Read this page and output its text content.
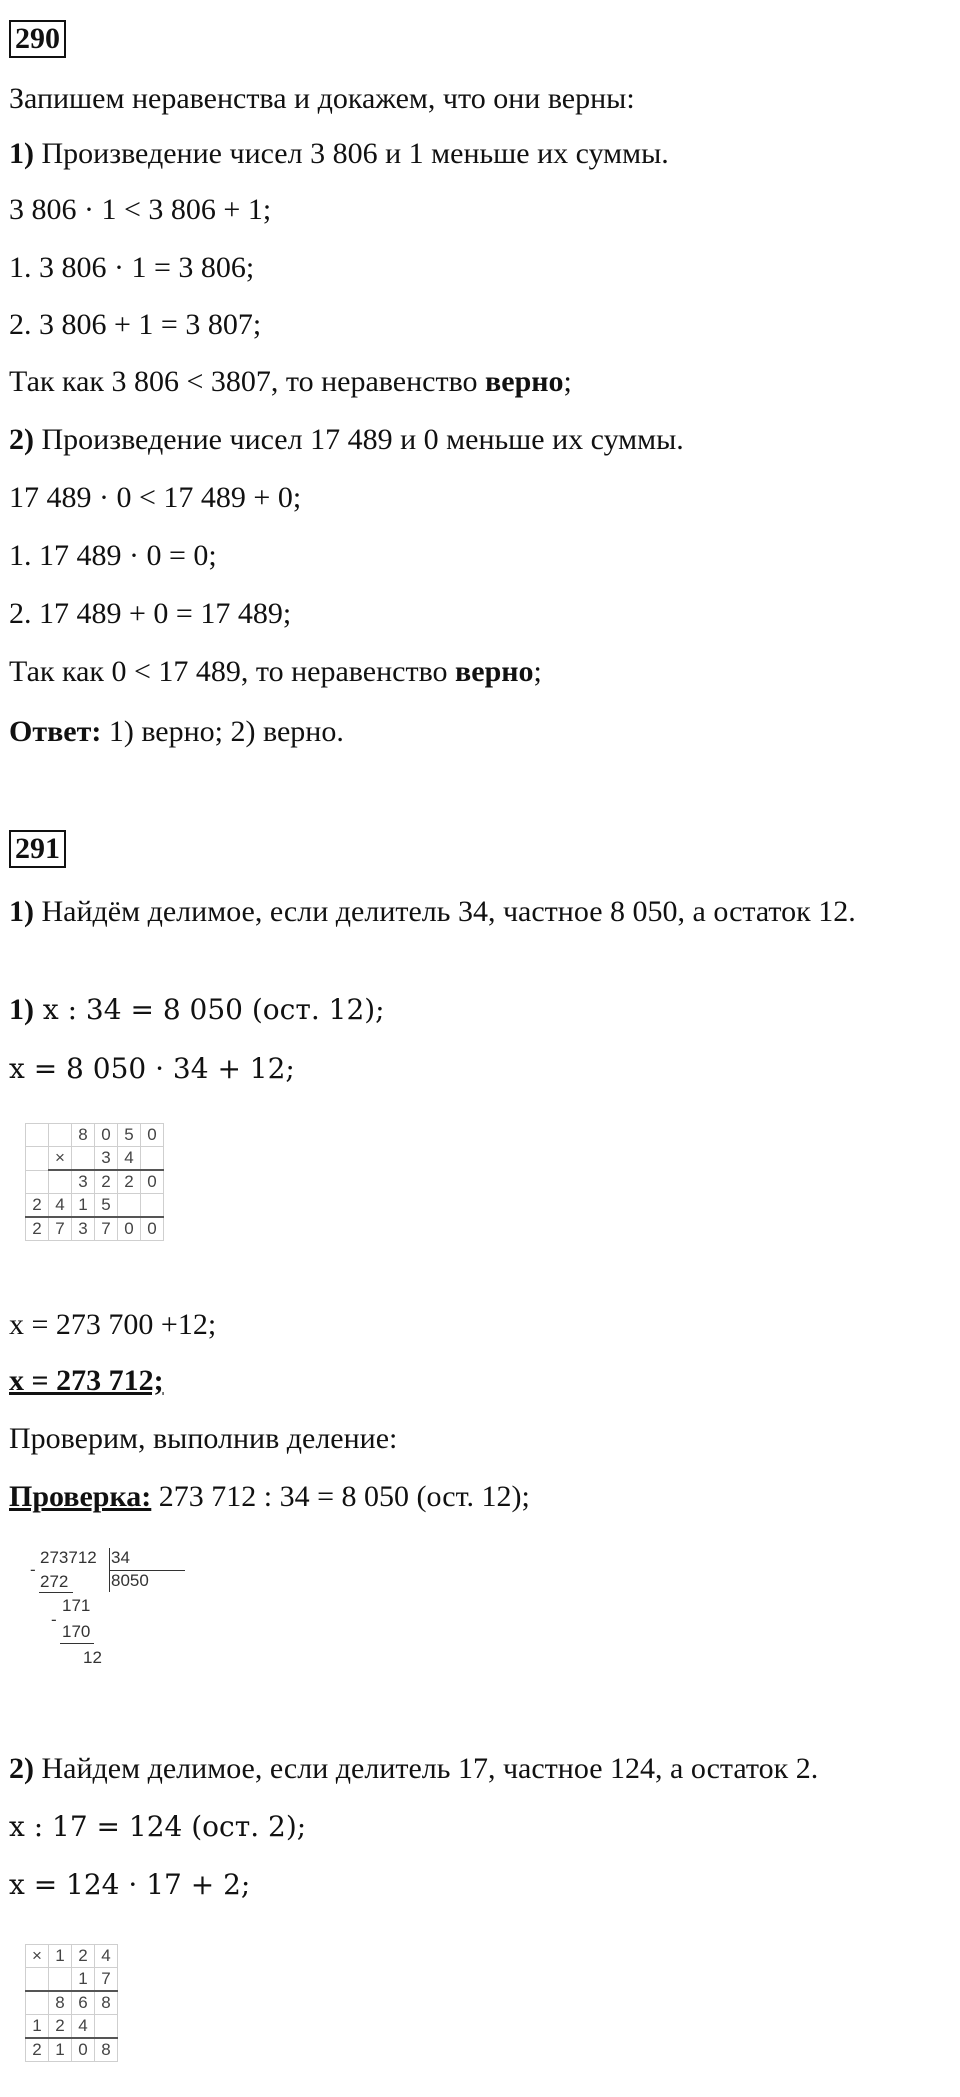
290
Запишем неравенства и докажем, что они верны:
1) Произведение чисел 3 806 и 1 меньше их суммы.
3 806 · 1 < 3 806 + 1;
1. 3 806 · 1 = 3 806;
2. 3 806 + 1 = 3 807;
Так как 3 806 < 3807, то неравенство верно;
2) Произведение чисел 17 489 и 0 меньше их суммы.
17 489 · 0 < 17 489 + 0;
1. 17 489 · 0 = 0;
2. 17 489 + 0 = 17 489;
Так как 0 < 17 489, то неравенство верно;
Ответ: 1) верно; 2) верно.
291
1) Найдём делимое, если делитель 34, частное 8 050, а остаток 12.
1) x : 34 = 8 050 (ост. 12);
x = 8 050 · 34 + 12;
		8	0	5	0
	×		3	4	
		3	2	2	0
2	4	1	5		
2	7	3	7	0	0
x = 273 700 +12;
x = 273 712;
Проверим, выполнив деление:
Проверка: 273 712 : 34 = 8 050 (ост. 12);
273712 34
8050
-
272
171
-
170
12
2) Найдем делимое, если делитель 17, частное 124, а остаток 2.
x : 17 = 124 (ост. 2);
x = 124 · 17 + 2;
×	1	2	4
		1	7
	8	6	8
1	2	4	
2	1	0	8
